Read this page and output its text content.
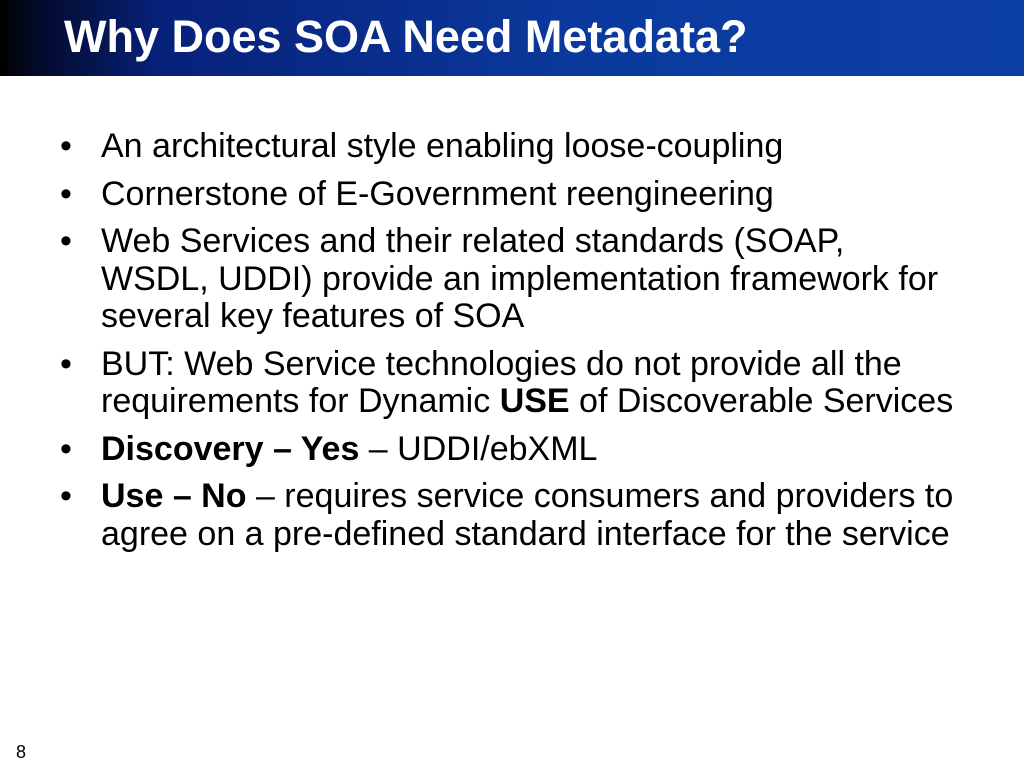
Why Does SOA Need Metadata?
• An architectural style enabling loose-coupling
• Cornerstone of E-Government reengineering
• Web Services and their related standards (SOAP, WSDL, UDDI) provide an implementation framework for several key features of SOA
• BUT: Web Service technologies do not provide all the requirements for Dynamic USE of Discoverable Services
• Discovery – Yes – UDDI/ebXML
• Use – No – requires service consumers and providers to agree on a pre-defined standard interface for the service
8
